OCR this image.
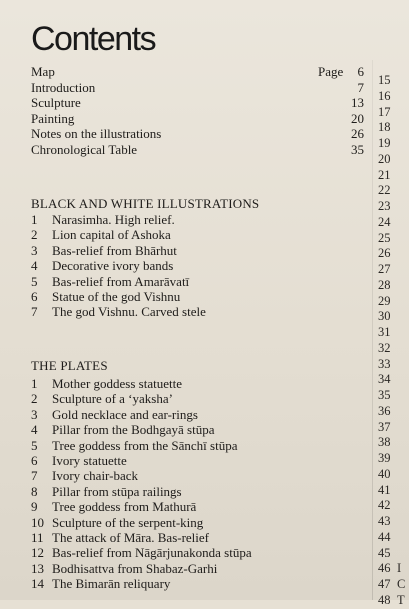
Contents
Map	Page 6
Introduction	7
Sculpture	13
Painting	20
Notes on the illustrations	26
Chronological Table	35
BLACK AND WHITE ILLUSTRATIONS
1 Narasimha. High relief.
2 Lion capital of Ashoka
3 Bas-relief from Bhārhut
4 Decorative ivory bands
5 Bas-relief from Amarāvatī
6 Statue of the god Vishnu
7 The god Vishnu. Carved stele
THE PLATES
1 Mother goddess statuette
2 Sculpture of a ‘yaksha’
3 Gold necklace and ear-rings
4 Pillar from the Bodhgayā stūpa
5 Tree goddess from the Sānchī stūpa
6 Ivory statuette
7 Ivory chair-back
8 Pillar from stūpa railings
9 Tree goddess from Mathurā
10 Sculpture of the serpent-king
11 The attack of Māra. Bas-relief
12 Bas-relief from Nāgārjunakonda stūpa
13 Bodhisattva from Shabaz-Garhi
14 The Bimarān reliquary
15
16
17
18
19
20
21
22
23
24
25
26
27
28
29
30
31
32
33
34
35
36
37
38
39
40
41
42
43
44
45
46 I
47 C
48 T
